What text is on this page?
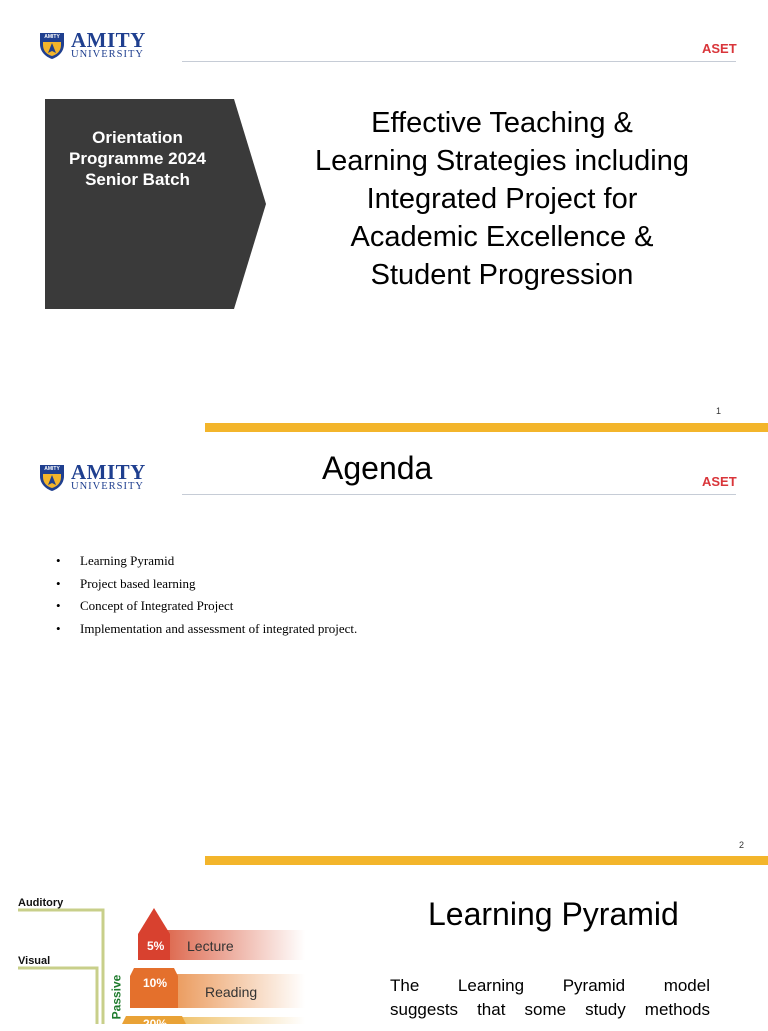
AMITY AMITY
UNIVERSITY	ASET
Orientation
Programme 2024
Senior Batch
Effective Teaching &
Learning Strategies including
Integrated Project for
Academic Excellence &
Student Progression
1
AMITY AMITY
UNIVERSITY	ASET
Agenda
• Learning Pyramid
• Project based learning
• Concept of Integrated Project
• Implementation and assessment of integrated project.
2
Auditory
Visual
Passive
5% Lecture
10%
Reading
20%
Learning Pyramid
The Learning Pyramid model
suggests that some study methods
